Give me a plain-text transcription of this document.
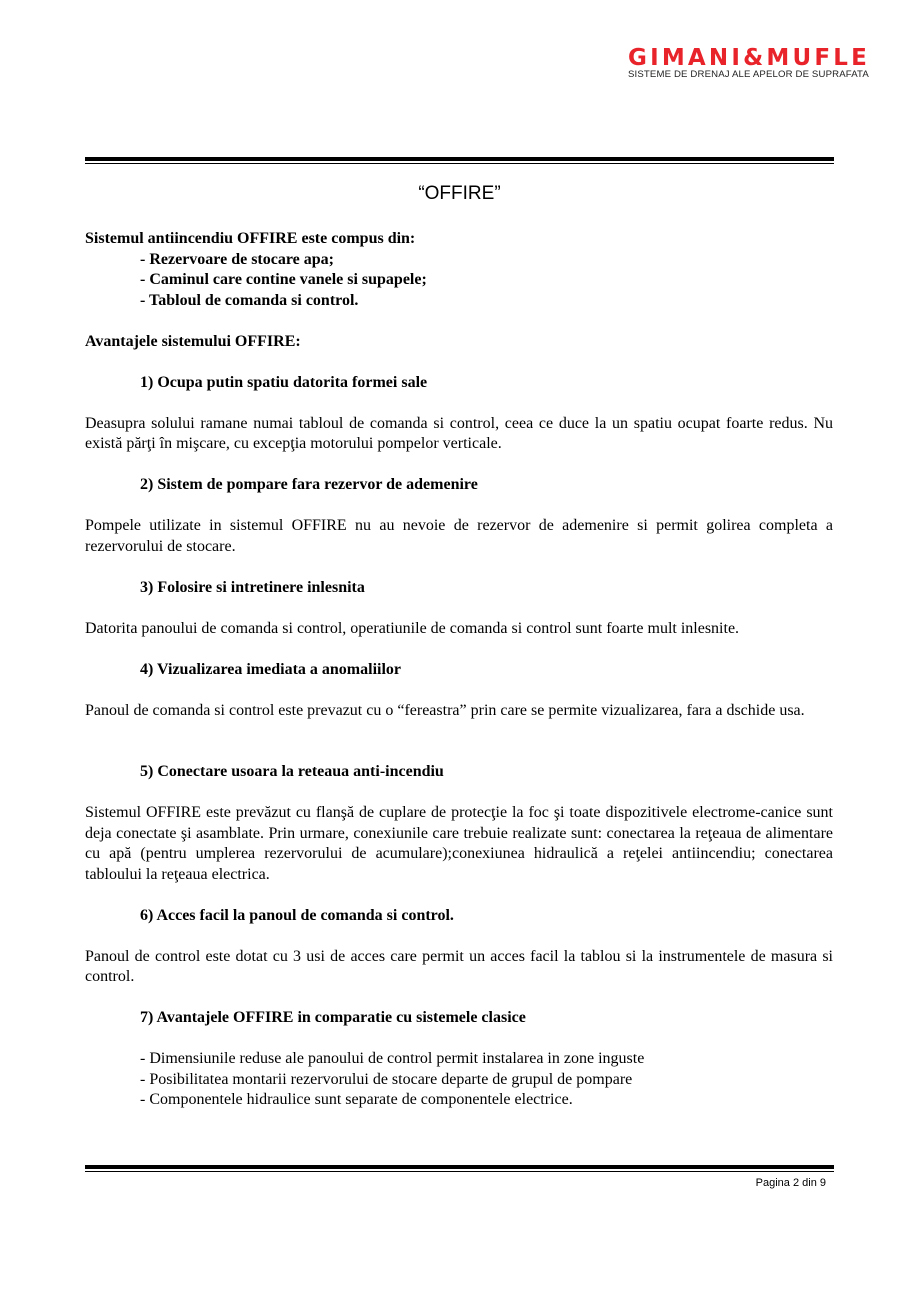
GIMANI&MUFLE
SISTEME DE DRENAJ ALE APELOR DE SUPRAFATA
“OFFIRE”

Sistemul antiincendiu OFFIRE este compus din:

- Rezervoare de stocare apa;

- Caminul care contine vanele si supapele;

- Tabloul de comanda si control.

Avantajele sistemului OFFIRE:

1) Ocupa putin spatiu datorita formei sale

Deasupra solului ramane numai tabloul de comanda si control, ceea ce duce la un spatiu ocupat foarte redus. Nu există părţi în mişcare, cu excepţia motorului pompelor verticale.

2) Sistem de pompare fara rezervor de ademenire

Pompele utilizate in sistemul OFFIRE nu au nevoie de rezervor de ademenire si permit golirea completa a rezervorului de stocare.

3) Folosire si intretinere inlesnita

Datorita panoului de comanda si control, operatiunile de comanda si control sunt foarte mult inlesnite.

4) Vizualizarea imediata a anomaliilor

Panoul de comanda si control este prevazut cu o “fereastra” prin care se permite vizualizarea, fara a dschide usa.

5) Conectare usoara la reteaua anti-incendiu

Sistemul OFFIRE este prevăzut cu flanşă de cuplare de protecţie la foc şi toate dispozitivele electrome-canice sunt deja conectate şi asamblate. Prin urmare, conexiunile care trebuie realizate sunt: conectarea la reţeaua de alimentare cu apă (pentru umplerea rezervorului de acumulare);conexiunea hidraulică a reţelei antiincendiu; conectarea tabloului la reţeaua electrica.

6) Acces facil la panoul de comanda si control.

Panoul de control este dotat cu 3 usi de acces care permit un acces facil la tablou si la instrumentele de masura si control.

7) Avantajele OFFIRE in comparatie cu sistemele clasice

- Dimensiunile reduse ale panoului de control permit instalarea in zone inguste

- Posibilitatea montarii rezervorului de stocare departe de grupul de pompare

- Componentele hidraulice sunt separate de componentele electrice.

Pagina 2 din 9
